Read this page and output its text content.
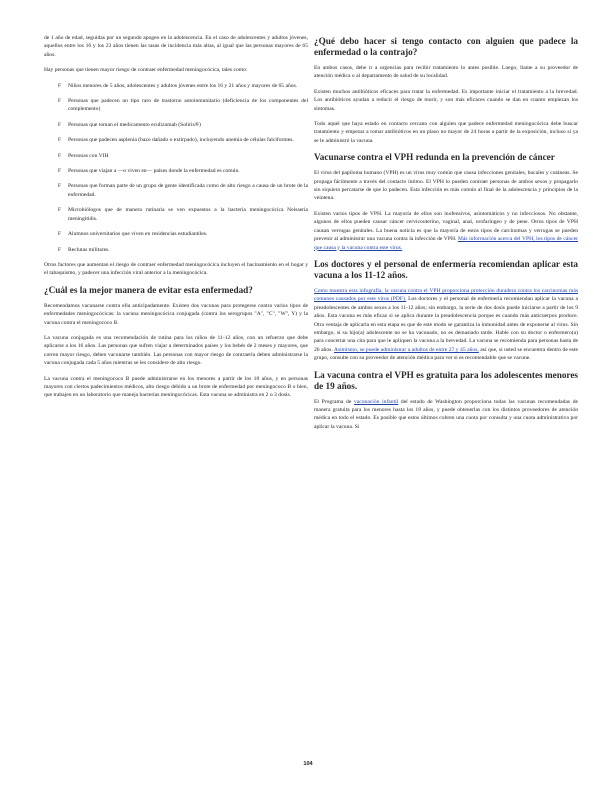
de 1 año de edad, seguidas por un segundo apogeo en la adolescencia. En el caso de adolescentes y adultos jóvenes, aquellos entre los 16 y los 23 años tienen las tasas de incidencia más altas, al igual que las personas mayores de 65 años.

Hay personas que tienen mayor riesgo de contraer enfermedad meningocócica, tales como:

F Niños menores de 5 años, adolescentes y adultos jóvenes entre los 16 y 21 años y mayores de 65 años.
F Personas que padecen un tipo raro de trastorno autoinmunitario (deficiencia de los componentes del complemento)
F Personas que toman el medicamento eculizumab (Soliris®)
F Personas que padecen asplenia (bazo dañado o extirpado), incluyendo anemia de células falciformes.
F Personas con VIH
F Personas que viajan a —o viven en— países donde la enfermedad es común.
F Personas que forman parte de un grupo de gente identificada como de alto riesgo a causa de un brote de la enfermedad.
F Microbiólogos que de manera rutinaria se ven expuestos a la bacteria meningocócica Neisseria meningitidis.
F Alumnos universitarios que viven en residencias estudiantiles.
F Reclutas militares.

Otros factores que aumentan el riesgo de contraer enfermedad meningocócica incluyen el hacinamiento en el hogar y el tabaquismo, y padecer una infección viral anterior a la meningocócica.

¿Cuál es la mejor manera de evitar esta enfermedad?

Recomendamos vacunarse contra ella anticipadamente. Existen dos vacunas para protegerse contra varios tipos de enfermedades meningocócicas: la vacuna meningocócica conjugada (contra los serogrupos "A", "C", "W", Y) y la vacuna contra el meningococo B.

La vacuna conjugada es una recomendación de rutina para los niños de 11-12 años, con un refuerzo que debe aplicarse a los 16 años. Las personas que sufren viajar a determinados países y los bebés de 2 meses y mayores, que corren mayor riesgo, deben vacunarse también. Las personas con mayor riesgo de contraerla deben administrarse la vacuna conjugada cada 5 años mientras se les considere de alto riesgo.

La vacuna contra el meningococo B puede administrarse en los menores a partir de los 10 años, y en personas mayores con ciertos padecimientos médicos, alto riesgo debido a un brote de enfermedad por meningococo B o bien, que trabajen en un laboratorio que maneja bacterias meningocócicas. Esta vacuna se administra en 2 o 3 dosis.

¿Qué debo hacer si tengo contacto con alguien que padece la enfermedad o la contrajo?

En ambos casos, debe ir a urgencias para recibir tratamiento lo antes posible. Luego, llame a su proveedor de atención médica o al departamento de salud de su localidad.

Existen muchos antibióticos eficaces para tratar la enfermedad. Es importante iniciar el tratamiento a la brevedad. Los antibióticos ayudan a reducir el riesgo de morir, y son más eficaces cuando se dan en cuanto empiezan los síntomas.

Todo aquel que haya estado en contacto cercano con alguien que padece enfermedad meningocócica debe buscar tratamiento y empezar a tomar antibióticos en un plazo no mayor de 24 horas a partir de la exposición, incluso si ya se le administró la vacuna.

Vacunarse contra el VPH redunda en la prevención de cáncer

El virus del papiloma humano (VPH) es un virus muy común que causa infecciones genitales, bucales y cutáneas. Se propaga fácilmente a través del contacto íntimo. El VPH lo pueden contraer personas de ambos sexos y propagarlo sin siquiera percatarse de que lo padecen. Esta infección es más común al final de la adolescencia y principios de la veintena.

Existen varios tipos de VPH. La mayoría de ellos son inofensivos, asintomáticos y no infecciosos. No obstante, algunos de ellos pueden causar cáncer cervicouterino, vaginal, anal, orofaríngeo y de pene. Otros tipos de VPH causan verrugas genitales. La buena noticia es que la mayoría de estos tipos de carcinomas y verrugas se pueden prevenir al administrar una vacuna contra la infección de VPH. Más información acerca del VPH, los tipos de cáncer que causa y la vacuna contra este virus.

Los doctores y el personal de enfermería recomiendan aplicar esta vacuna a los 11-12 años.

Como muestra esta infografía, la vacuna contra el VPH proporciona protección duradera contra los carcinomas más comunes causados por este virus (PDF). Los doctores y el personal de enfermería recomiendan aplicar la vacuna a preadolescentes de ambos sexos a los 11-12 años; sin embargo, la serie de dos dosis puede iniciarse a partir de los 9 años. Esta vacuna es más eficaz si se aplica durante la preadolescencia porque es cuando más anticuerpos produce. Otra ventaja de aplicarla en esta etapa es que de este modo se garantiza la inmunidad antes de exponerse al virus. Sin embargo, si su hijo(a) adolescente no se ha vacunado, no es demasiado tarde. Hable con su doctor o enfermero(a) para concertar una cita para que le apliquen la vacuna a la brevedad. La vacuna se recomienda para personas hasta de 26 años. Asimismo, se puede administrar a adultos de entre 27 y 45 años, así que, si usted se encuentra dentro de este grupo, consulte con su proveedor de atención médica para ver si es recomendable que se vacune.

La vacuna contra el VPH es gratuita para los adolescentes menores de 19 años.

El Programa de vacunación infantil del estado de Washington proporciona todas las vacunas recomendadas de manera gratuita para los menores hasta los 18 años, y puede obtenerlas con los distintos proveedores de atención médica en todo el estado. Es posible que estos últimos cobren una cuota por consulta y una cuota administrativa por aplicar la vacuna. Si

104
